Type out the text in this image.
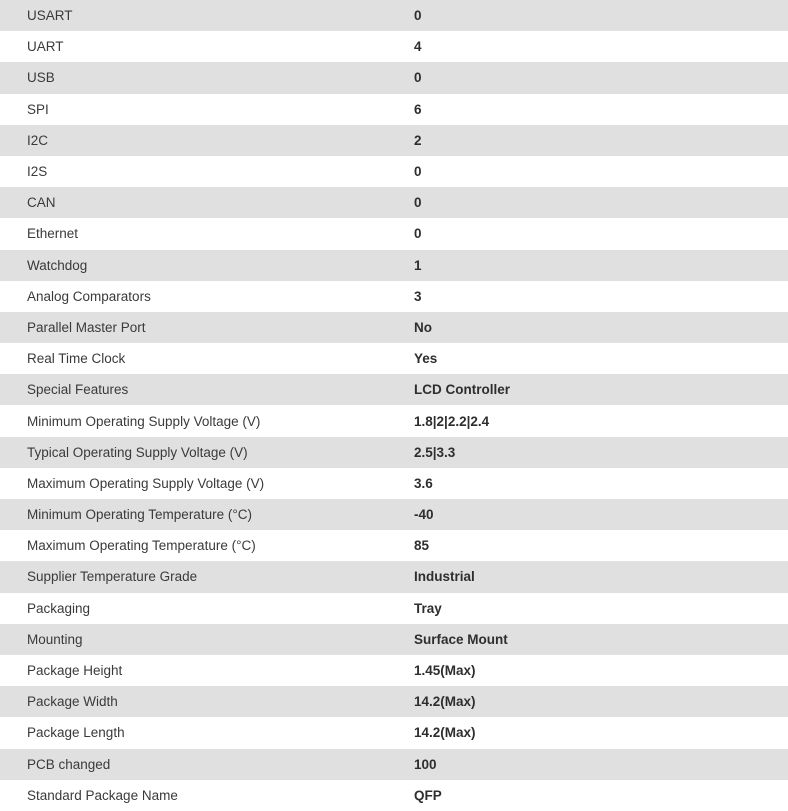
USART	0
UART	4
USB	0
SPI	6
I2C	2
I2S	0
CAN	0
Ethernet	0
Watchdog	1
Analog Comparators	3
Parallel Master Port	No
Real Time Clock	Yes
Special Features	LCD Controller
Minimum Operating Supply Voltage (V)	1.8|2|2.2|2.4
Typical Operating Supply Voltage (V)	2.5|3.3
Maximum Operating Supply Voltage (V)	3.6
Minimum Operating Temperature (°C)	-40
Maximum Operating Temperature (°C)	85
Supplier Temperature Grade	Industrial
Packaging	Tray
Mounting	Surface Mount
Package Height	1.45(Max)
Package Width	14.2(Max)
Package Length	14.2(Max)
PCB changed	100
Standard Package Name	QFP
